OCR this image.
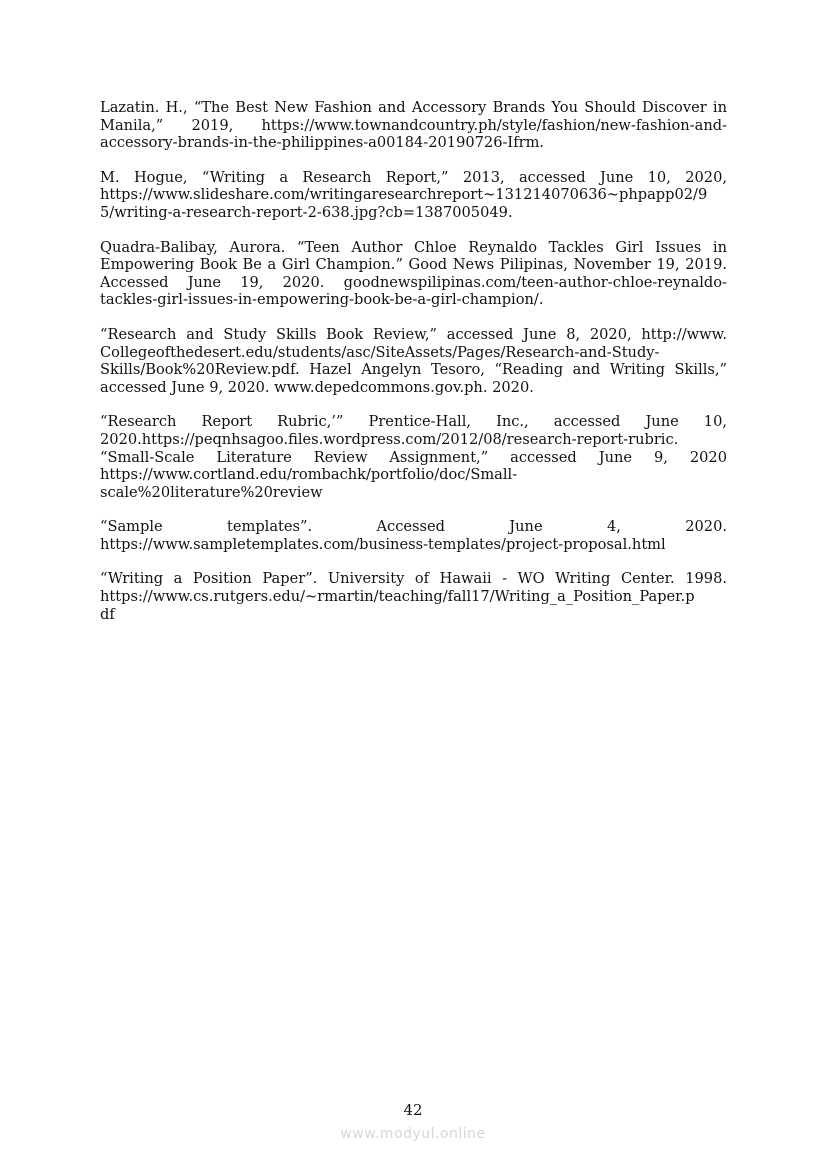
Lazatin. H., “The Best New Fashion and Accessory Brands You Should Discover in
Manila,” 2019, https://www.townandcountry.ph/style/fashion/new-fashion-and-
accessory-brands-in-the-philippines-a00184-20190726-Ifrm.

M. Hogue, “Writing a Research Report,” 2013, accessed June 10, 2020,
https://www.slideshare.com/writingaresearchreport~131214070636~phpapp02/9
5/writing-a-research-report-2-638.jpg?cb=1387005049.

Quadra-Balibay, Aurora. “Teen Author Chloe Reynaldo Tackles Girl Issues in
Empowering Book Be a Girl Champion.” Good News Pilipinas, November 19, 2019.
Accessed June 19, 2020. goodnewspilipinas.com/teen-author-chloe-reynaldo-
tackles-girl-issues-in-empowering-book-be-a-girl-champion/.

“Research and Study Skills Book Review,” accessed June 8, 2020, http://www.
Collegeofthedesert.edu/students/asc/SiteAssets/Pages/Research-and-Study-
Skills/Book%20Review.pdf. Hazel Angelyn Tesoro, “Reading and Writing Skills,”
accessed June 9, 2020. www.depedcommons.gov.ph. 2020.

“Research Report Rubric,’” Prentice-Hall, Inc., accessed June 10,
2020.https://peqnhsagoo.files.wordpress.com/2012/08/research-report-rubric.

“Small-Scale Literature Review Assignment,” accessed June 9, 2020
https://www.cortland.edu/rombachk/portfolio/doc/Small-
scale%20literature%20review

“Sample templates”. Accessed June 4, 2020.
https://www.sampletemplates.com/business-templates/project-proposal.html

“Writing a Position Paper”. University of Hawaii - WO Writing Center. 1998.
https://www.cs.rutgers.edu/~rmartin/teaching/fall17/Writing_a_Position_Paper.p
df

42
www.modyul.online
